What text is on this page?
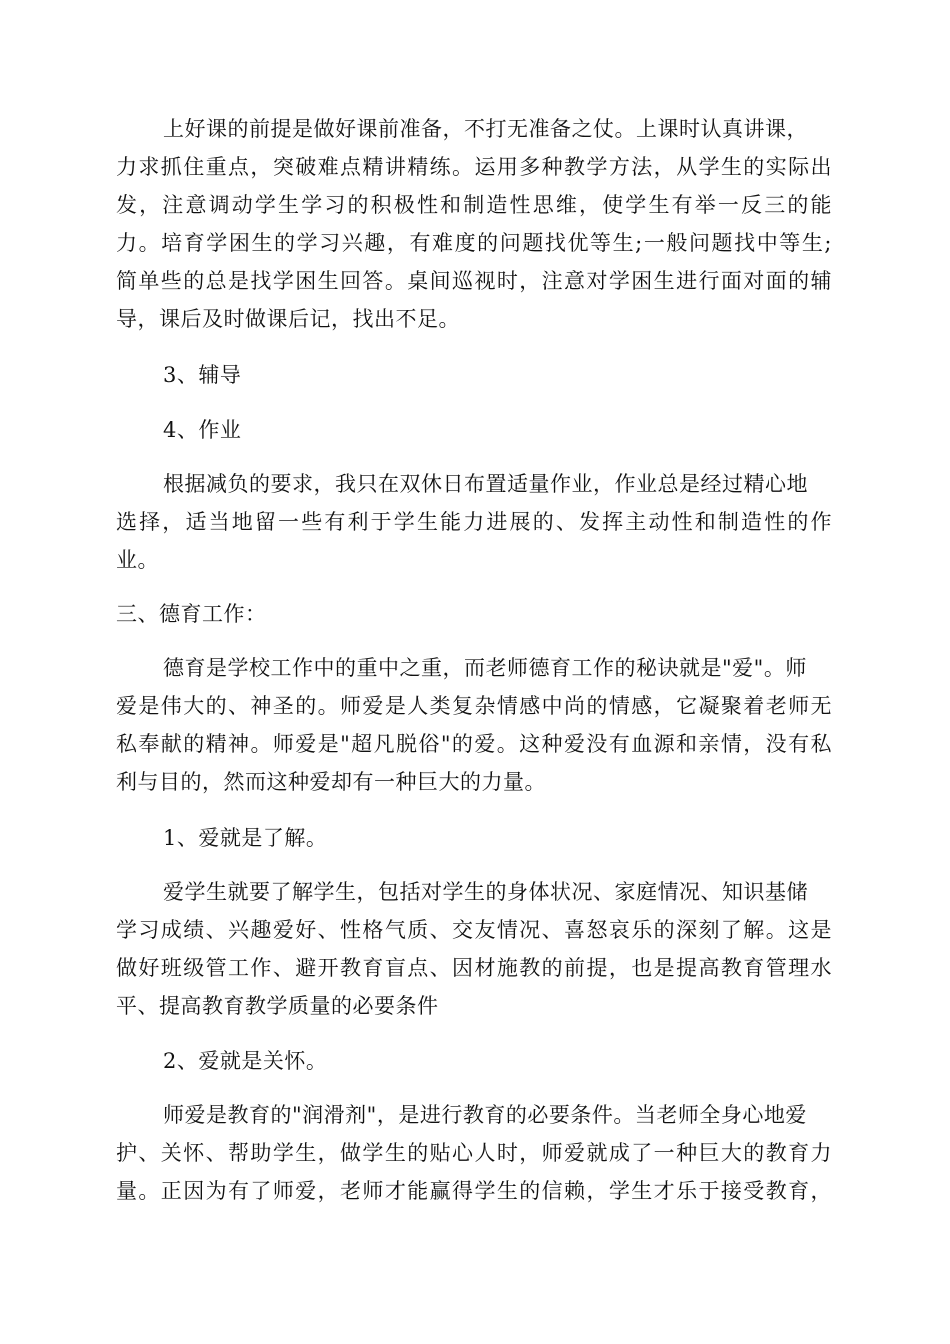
上好课的前提是做好课前准备，不打无准备之仗。上课时认真讲课，
力求抓住重点，突破难点精讲精练。运用多种教学方法，从学生的实际出
发，注意调动学生学习的积极性和制造性思维，使学生有举一反三的能
力。培育学困生的学习兴趣，有难度的问题找优等生;一般问题找中等生;
简单些的总是找学困生回答。桌间巡视时，注意对学困生进行面对面的辅
导，课后及时做课后记，找出不足。
3、辅导
4、作业
根据减负的要求，我只在双休日布置适量作业，作业总是经过精心地
选择，适当地留一些有利于学生能力进展的、发挥主动性和制造性的作
业。
三、德育工作：
德育是学校工作中的重中之重，而老师德育工作的秘诀就是"爱"。师
爱是伟大的、神圣的。师爱是人类复杂情感中尚的情感，它凝聚着老师无
私奉献的精神。师爱是"超凡脱俗"的爱。这种爱没有血源和亲情，没有私
利与目的，然而这种爱却有一种巨大的力量。
1、爱就是了解。
爱学生就要了解学生，包括对学生的身体状况、家庭情况、知识基储
学习成绩、兴趣爱好、性格气质、交友情况、喜怒哀乐的深刻了解。这是
做好班级管工作、避开教育盲点、因材施教的前提，也是提高教育管理水
平、提高教育教学质量的必要条件
2、爱就是关怀。
师爱是教育的"润滑剂"，是进行教育的必要条件。当老师全身心地爱
护、关怀、帮助学生，做学生的贴心人时，师爱就成了一种巨大的教育力
量。正因为有了师爱，老师才能赢得学生的信赖，学生才乐于接受教育，
